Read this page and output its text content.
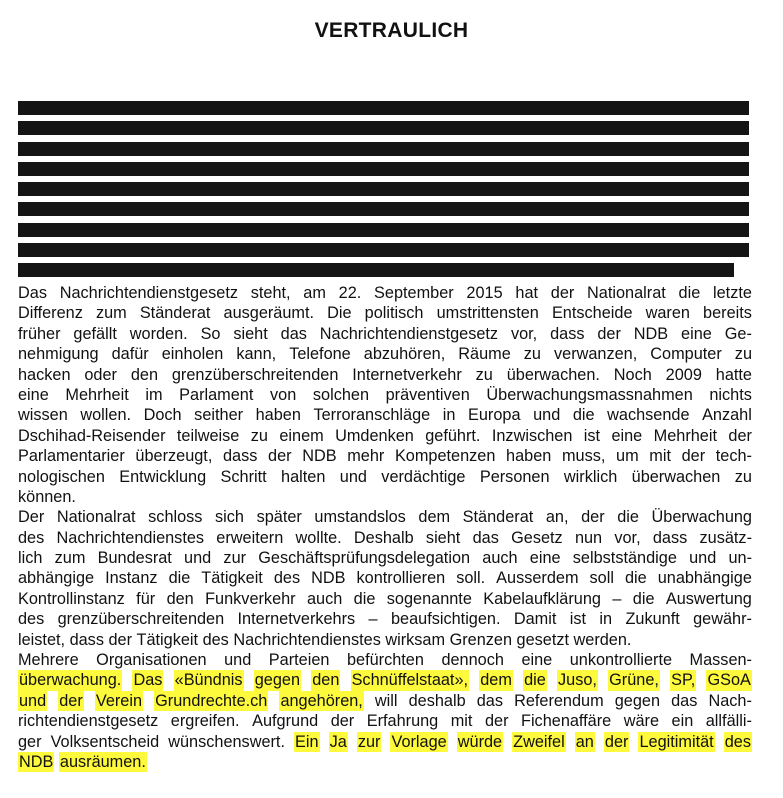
VERTRAULICH
Das Nachrichtendienstgesetz steht, am 22. September 2015 hat der Nationalrat die letzte
Differenz zum Ständerat ausgeräumt. Die politisch umstrittensten Entscheide waren bereits
früher gefällt worden. So sieht das Nachrichtendienstgesetz vor, dass der NDB eine Ge-
nehmigung dafür einholen kann, Telefone abzuhören, Räume zu verwanzen, Computer zu
hacken oder den grenzüberschreitenden Internetverkehr zu überwachen. Noch 2009 hatte
eine Mehrheit im Parlament von solchen präventiven Überwachungsmassnahmen nichts
wissen wollen. Doch seither haben Terroranschläge in Europa und die wachsende Anzahl
Dschihad-Reisender teilweise zu einem Umdenken geführt. Inzwischen ist eine Mehrheit der
Parlamentarier überzeugt, dass der NDB mehr Kompetenzen haben muss, um mit der tech-
nologischen Entwicklung Schritt halten und verdächtige Personen wirklich überwachen zu
können.
Der Nationalrat schloss sich später umstandslos dem Ständerat an, der die Überwachung
des Nachrichtendienstes erweitern wollte. Deshalb sieht das Gesetz nun vor, dass zusätz-
lich zum Bundesrat und zur Geschäftsprüfungsdelegation auch eine selbstständige und un-
abhängige Instanz die Tätigkeit des NDB kontrollieren soll. Ausserdem soll die unabhängige
Kontrollinstanz für den Funkverkehr auch die sogenannte Kabelaufklärung – die Auswertung
des grenzüberschreitenden Internetverkehrs – beaufsichtigen. Damit ist in Zukunft gewähr-
leistet, dass der Tätigkeit des Nachrichtendienstes wirksam Grenzen gesetzt werden.
Mehrere Organisationen und Parteien befürchten dennoch eine unkontrollierte Massen-
überwachung. Das «Bündnis gegen den Schnüffelstaat», dem die Juso, Grüne, SP, GSoA
und der Verein Grundrechte.ch angehören, will deshalb das Referendum gegen das Nach-
richtendienstgesetz ergreifen. Aufgrund der Erfahrung mit der Fichenaffäre wäre ein allfälli-
ger Volksentscheid wünschenswert. Ein Ja zur Vorlage würde Zweifel an der Legitimität des
NDB ausräumen.
